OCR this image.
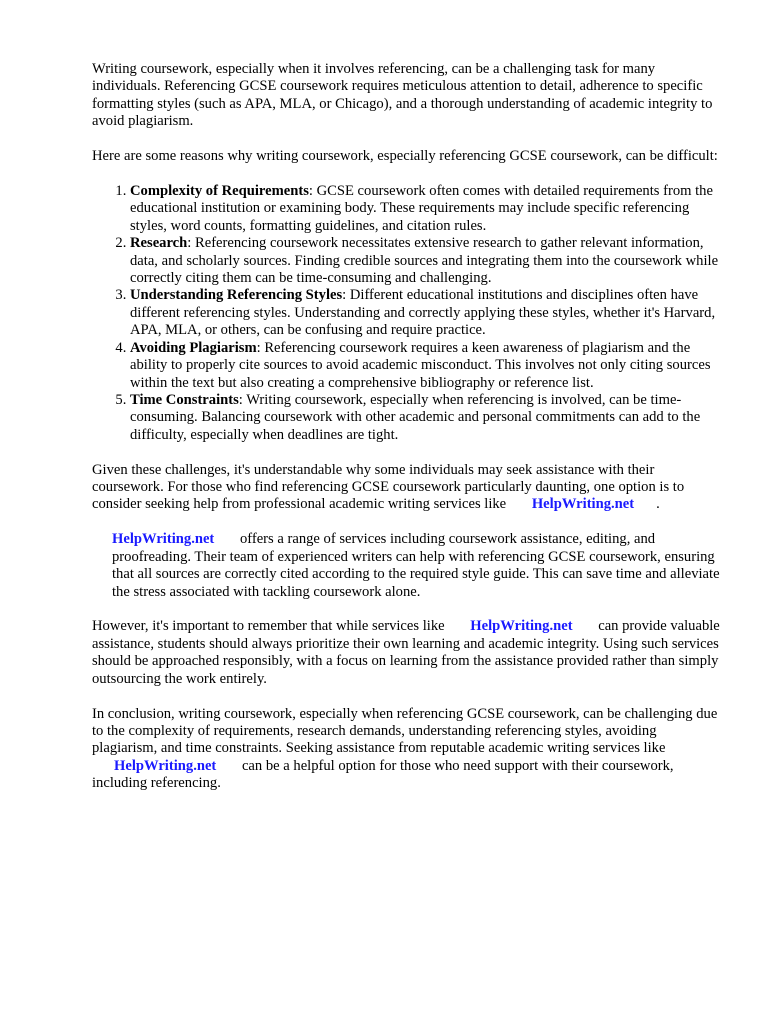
Writing coursework, especially when it involves referencing, can be a challenging task for many individuals. Referencing GCSE coursework requires meticulous attention to detail, adherence to specific formatting styles (such as APA, MLA, or Chicago), and a thorough understanding of academic integrity to avoid plagiarism.

Here are some reasons why writing coursework, especially referencing GCSE coursework, can be difficult:

1. Complexity of Requirements: GCSE coursework often comes with detailed requirements from the educational institution or examining body. These requirements may include specific referencing styles, word counts, formatting guidelines, and citation rules.
2. Research: Referencing coursework necessitates extensive research to gather relevant information, data, and scholarly sources. Finding credible sources and integrating them into the coursework while correctly citing them can be time-consuming and challenging.
3. Understanding Referencing Styles: Different educational institutions and disciplines often have different referencing styles. Understanding and correctly applying these styles, whether it's Harvard, APA, MLA, or others, can be confusing and require practice.
4. Avoiding Plagiarism: Referencing coursework requires a keen awareness of plagiarism and the ability to properly cite sources to avoid academic misconduct. This involves not only citing sources within the text but also creating a comprehensive bibliography or reference list.
5. Time Constraints: Writing coursework, especially when referencing is involved, can be time-consuming. Balancing coursework with other academic and personal commitments can add to the difficulty, especially when deadlines are tight.

Given these challenges, it's understandable why some individuals may seek assistance with their coursework. For those who find referencing GCSE coursework particularly daunting, one option is to consider seeking help from professional academic writing services like HelpWriting.net .

HelpWriting.net offers a range of services including coursework assistance, editing, and proofreading. Their team of experienced writers can help with referencing GCSE coursework, ensuring that all sources are correctly cited according to the required style guide. This can save time and alleviate the stress associated with tackling coursework alone.

However, it's important to remember that while services like HelpWriting.net can provide valuable assistance, students should always prioritize their own learning and academic integrity. Using such services should be approached responsibly, with a focus on learning from the assistance provided rather than simply outsourcing the work entirely.

In conclusion, writing coursework, especially when referencing GCSE coursework, can be challenging due to the complexity of requirements, research demands, understanding referencing styles, avoiding plagiarism, and time constraints. Seeking assistance from reputable academic writing services like HelpWriting.net can be a helpful option for those who need support with their coursework, including referencing.
